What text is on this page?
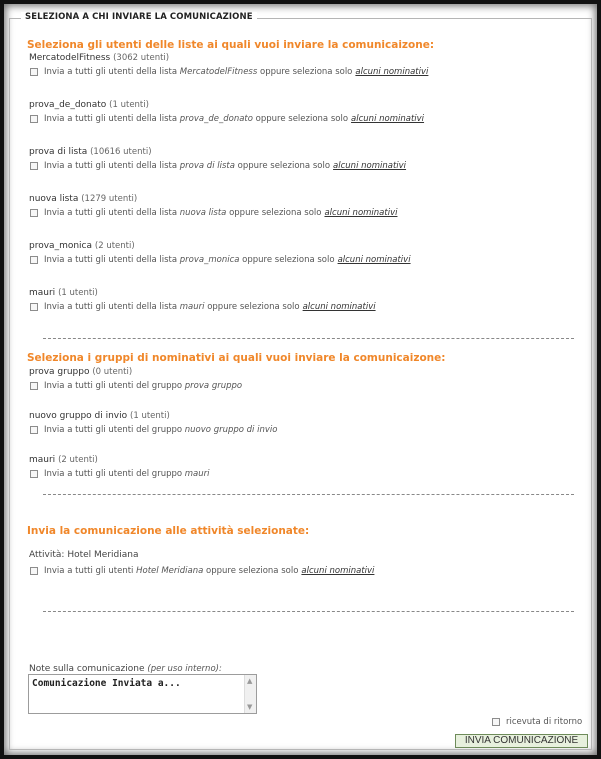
SELEZIONA A CHI INVIARE LA COMUNICAZIONE
Seleziona gli utenti delle liste ai quali vuoi inviare la comunicaizone:
MercatodelFitness (3062 utenti)
Invia a tutti gli utenti della lista
MercatodelFitness
oppure seleziona solo alcuni nominativi
prova_de_donato (1 utenti)
Invia a tutti gli utenti della lista
prova_de_donato
oppure seleziona solo alcuni nominativi
prova di lista (10616 utenti)
Invia a tutti gli utenti della lista
prova di lista
oppure seleziona solo alcuni nominativi
nuova lista (1279 utenti)
Invia a tutti gli utenti della lista
nuova lista
oppure seleziona solo alcuni nominativi
prova_monica (2 utenti)
Invia a tutti gli utenti della lista
prova_monica
oppure seleziona solo alcuni nominativi
mauri (1 utenti)
Invia a tutti gli utenti della lista
mauri
oppure seleziona solo alcuni nominativi
Seleziona i gruppi di nominativi ai quali vuoi inviare la comunicaizone:
prova gruppo (0 utenti)
Invia a tutti gli utenti del gruppo
prova gruppo
nuovo gruppo di invio (1 utenti)
Invia a tutti gli utenti del gruppo
nuovo gruppo di invio
mauri (2 utenti)
Invia a tutti gli utenti del gruppo
mauri
Invia la comunicazione alle attività selezionate:
Attività: Hotel Meridiana
Invia a tutti gli utenti
Hotel Meridiana
oppure seleziona solo alcuni nominativi
Note sulla comunicazione (per uso interno):
Comunicazione Inviata a...	▲
▼
ricevuta di ritorno
INVIA COMUNICAZIONE
